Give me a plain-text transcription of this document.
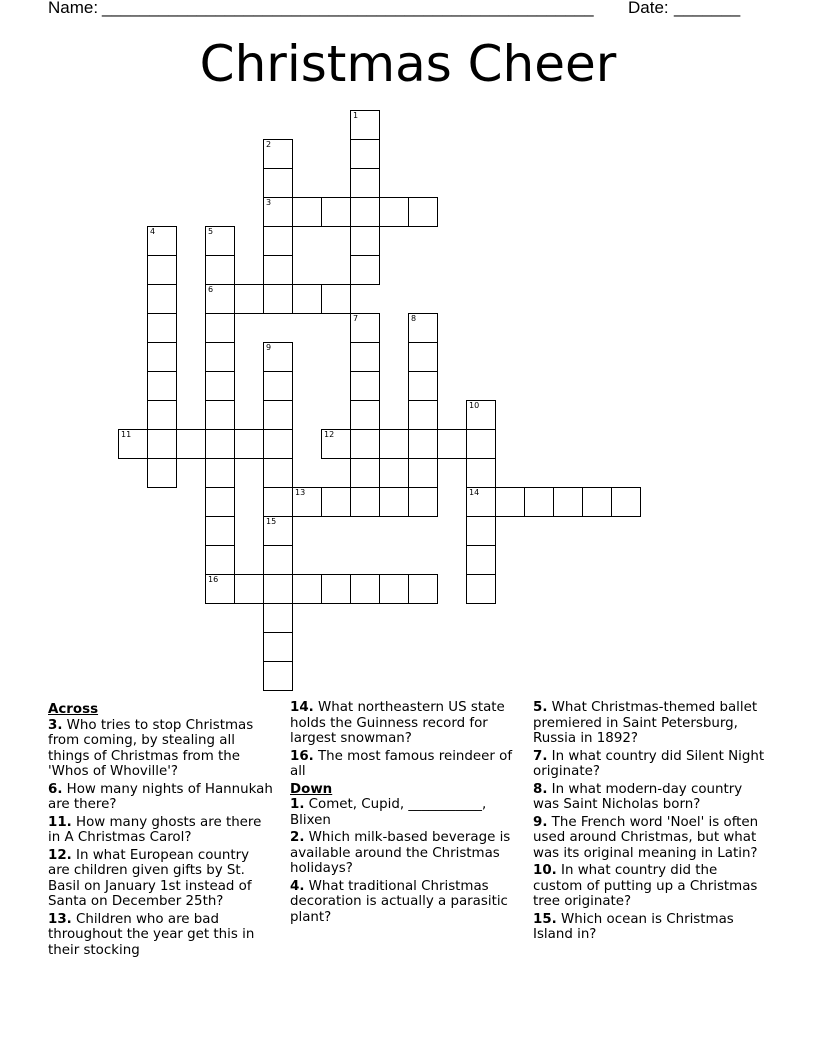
Name: ____________________________________________________ Date: _______
Christmas Cheer
3
6
11	12
13	14
16
1
2
4	5
7	8
9
10
15
Across
3. Who tries to stop Christmas from coming, by stealing all things of Christmas from the 'Whos of Whoville'?
6. How many nights of Hannukah are there?
11. How many ghosts are there in A Christmas Carol?
12. In what European country are children given gifts by St. Basil on January 1st instead of Santa on December 25th?
13. Children who are bad throughout the year get this in their stocking
14. What northeastern US state holds the Guinness record for largest snowman?
16. The most famous reindeer of all
Down
1. Comet, Cupid, ___________, Blixen
2. Which milk-based beverage is available around the Christmas holidays?
4. What traditional Christmas decoration is actually a parasitic plant?
5. What Christmas-themed ballet premiered in Saint Petersburg, Russia in 1892?
7. In what country did Silent Night originate?
8. In what modern-day country was Saint Nicholas born?
9. The French word 'Noel' is often used around Christmas, but what was its original meaning in Latin?
10. In what country did the custom of putting up a Christmas tree originate?
15. Which ocean is Christmas Island in?
